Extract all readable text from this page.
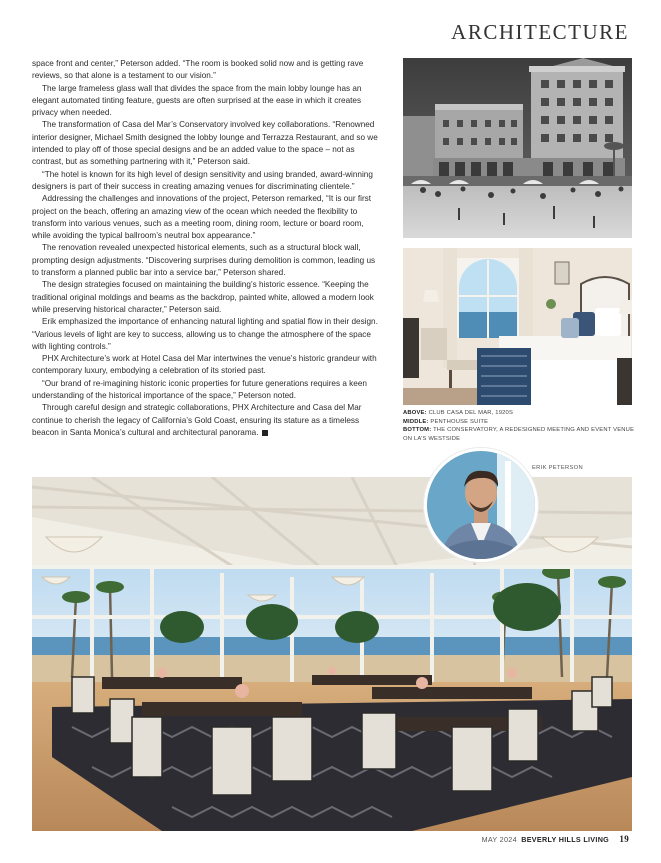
ARCHITECTURE

space front and center,” Peterson added. “The room is booked solid now and is getting rave reviews, so that alone is a testament to our vision.”

The large frameless glass wall that divides the space from the main lobby lounge has an elegant automated tinting feature, guests are often surprised at the ease in which it creates privacy when needed.

The transformation of Casa del Mar’s Conservatory involved key collaborations. “Renowned interior designer, Michael Smith designed the lobby lounge and Terrazza Restaurant, and so we intended to play off of those special designs and be an added value to the space – not as contrast, but as something partnering with it,” Peterson said.

“The hotel is known for its high level of design sensitivity and using branded, award-winning designers is part of their success in creating amazing venues for discriminating clientele.”

Addressing the challenges and innovations of the project, Peterson remarked, “It is our first project on the beach, offering an amazing view of the ocean which needed the flexibility to transform into various venues, such as a meeting room, dining room, lecture or board room, while avoiding the typical ballroom’s neutral box appearance.”

The renovation revealed unexpected historical elements, such as a structural block wall, prompting design adjustments. “Discovering surprises during demolition is common, leading us to transform a planned public bar into a service bar,” Peterson shared.

The design strategies focused on maintaining the building’s historic essence. “Keeping the traditional original moldings and beams as the backdrop, painted white, allowed a modern look while preserving historical character,” Peterson said.

Erik emphasized the importance of enhancing natural lighting and spatial flow in their design. “Various levels of light are key to success, allowing us to change the atmosphere of the space with lighting controls.”

PHX Architecture’s work at Hotel Casa del Mar intertwines the venue’s historic grandeur with contemporary luxury, embodying a celebration of its storied past.

“Our brand of re-imagining historic iconic properties for future generations requires a keen understanding of the historical importance of the space,” Peterson noted.

Through careful design and strategic collaborations, PHX Architecture and Casa del Mar continue to cherish the legacy of California’s Gold Coast, ensuring its stature as a timeless beacon in Santa Monica’s cultural and architectural panorama.

ABOVE: CLUB CASA DEL MAR, 1920S

MIDDLE: PENTHOUSE SUITE

BOTTOM: THE CONSERVATORY, A REDESIGNED MEETING AND EVENT VENUE ON LA’S WESTSIDE

ERIK PETERSON
MAY 2024 BEVERLY HILLS LIVING 19
